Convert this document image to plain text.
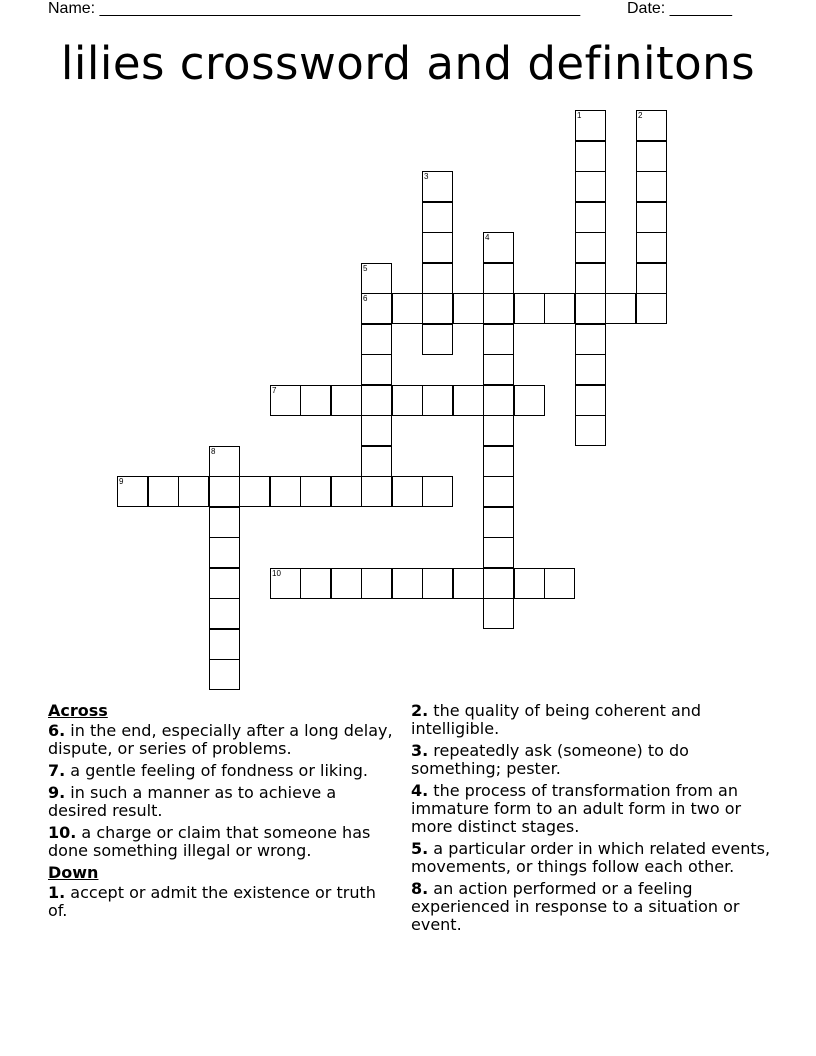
Name: ______________________________________________________	Date: _______
lilies crossword and definitons
1	2
3
4
5
6
7
8
9
10
Across
6. in the end, especially after a long delay, dispute, or series of problems.
7. a gentle feeling of fondness or liking.
9. in such a manner as to achieve a desired result.
10. a charge or claim that someone has done something illegal or wrong.
Down
1. accept or admit the existence or truth of.
2. the quality of being coherent and intelligible.
3. repeatedly ask (someone) to do something; pester.
4. the process of transformation from an immature form to an adult form in two or more distinct stages.
5. a particular order in which related events, movements, or things follow each other.
8. an action performed or a feeling experienced in response to a situation or event.
